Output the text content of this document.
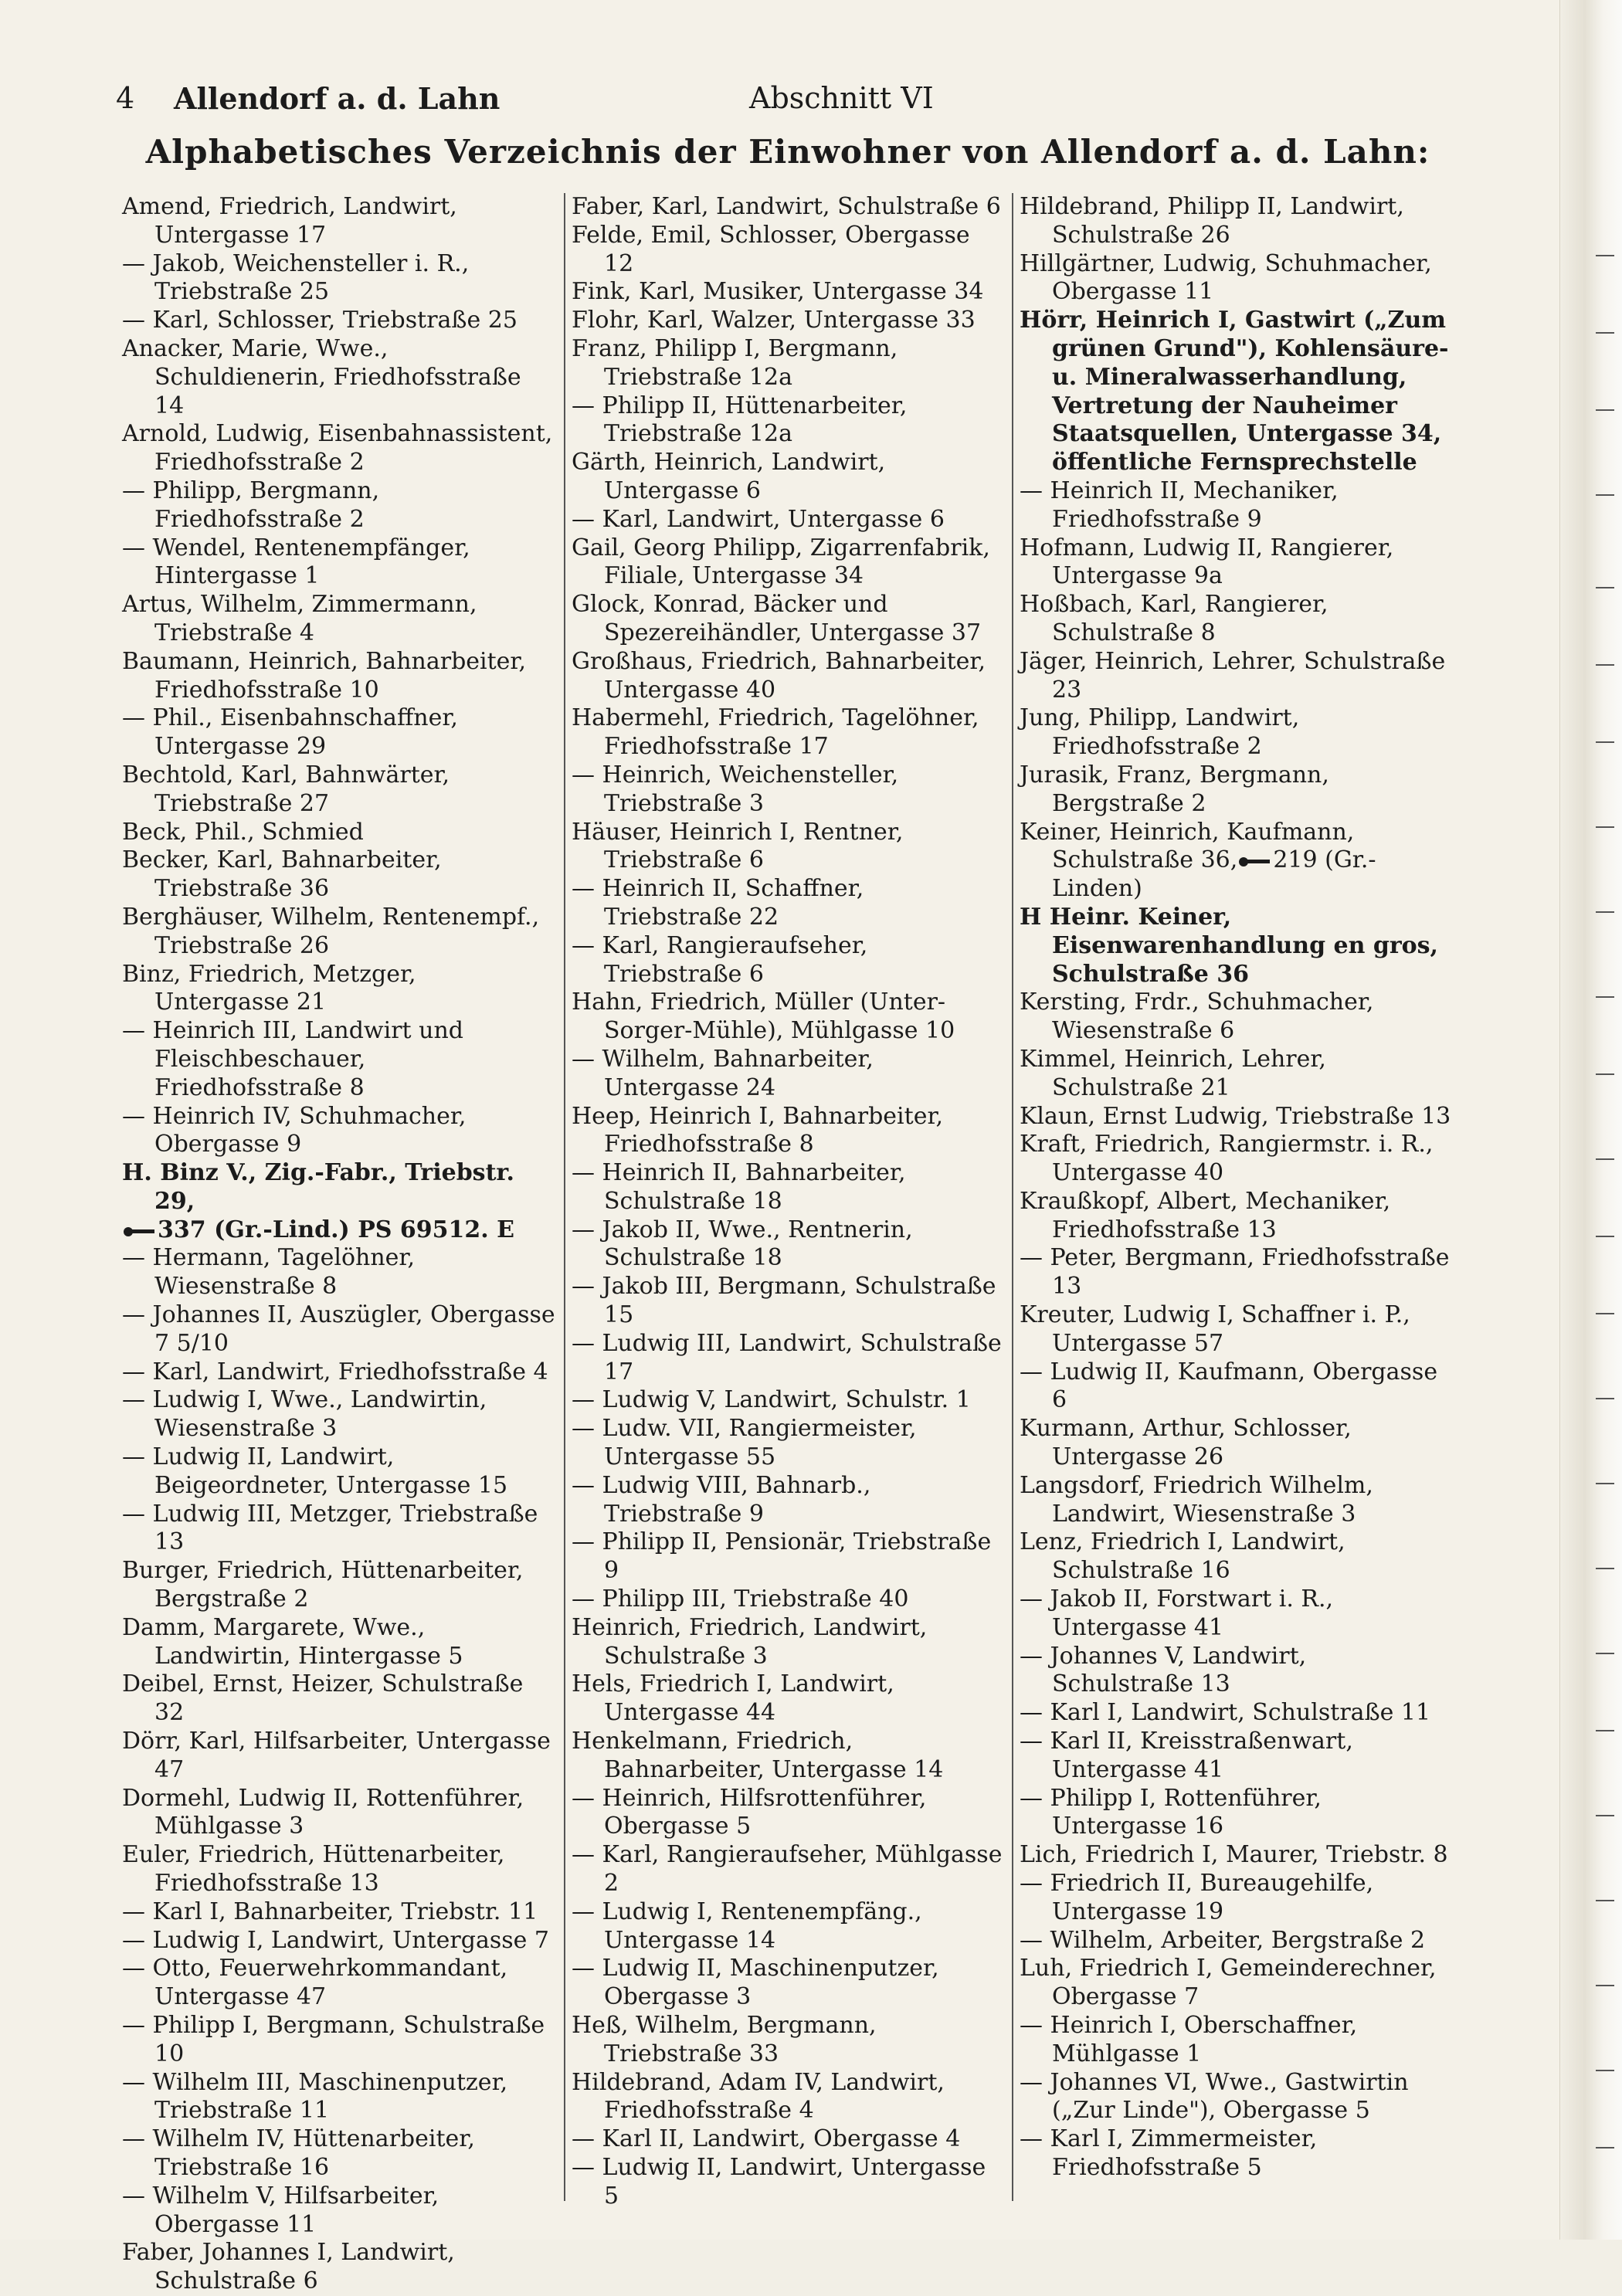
4 Allendorf a. d. Lahn	Abschnitt VI
Alphabetisches Verzeichnis der Einwohner von Allendorf a. d. Lahn:

Amend, Friedrich, Landwirt, Untergasse 17

— Jakob, Weichensteller i. R., Triebstraße 25

— Karl, Schlosser, Triebstraße 25

Anacker, Marie, Wwe., Schuldienerin, Friedhofsstraße 14

Arnold, Ludwig, Eisenbahnassistent, Friedhofsstraße 2

— Philipp, Bergmann, Friedhofsstraße 2

— Wendel, Rentenempfänger, Hintergasse 1

Artus, Wilhelm, Zimmermann, Triebstraße 4

Baumann, Heinrich, Bahnarbeiter, Friedhofsstraße 10

— Phil., Eisenbahnschaffner, Untergasse 29

Bechtold, Karl, Bahnwärter, Triebstraße 27

Beck, Phil., Schmied

Becker, Karl, Bahnarbeiter, Triebstraße 36

Berghäuser, Wilhelm, Rentenempf., Triebstraße 26

Binz, Friedrich, Metzger, Untergasse 21

— Heinrich III, Landwirt und Fleischbeschauer, Friedhofsstraße 8

— Heinrich IV, Schuhmacher, Obergasse 9

H. Binz V., Zig.-Fabr., Triebstr. 29,

337 (Gr.-Lind.) PS 69512. E

— Hermann, Tagelöhner, Wiesenstraße 8

— Johannes II, Auszügler, Obergasse 7 5/10

— Karl, Landwirt, Friedhofsstraße 4

— Ludwig I, Wwe., Landwirtin, Wiesenstraße 3

— Ludwig II, Landwirt, Beigeordneter, Untergasse 15

— Ludwig III, Metzger, Triebstraße 13

Burger, Friedrich, Hüttenarbeiter, Bergstraße 2

Damm, Margarete, Wwe., Landwirtin, Hintergasse 5

Deibel, Ernst, Heizer, Schulstraße 32

Dörr, Karl, Hilfsarbeiter, Untergasse 47

Dormehl, Ludwig II, Rottenführer, Mühlgasse 3

Euler, Friedrich, Hüttenarbeiter, Friedhofsstraße 13

— Karl I, Bahnarbeiter, Triebstr. 11

— Ludwig I, Landwirt, Untergasse 7

— Otto, Feuerwehrkommandant, Untergasse 47

— Philipp I, Bergmann, Schulstraße 10

— Wilhelm III, Maschinenputzer, Triebstraße 11

— Wilhelm IV, Hüttenarbeiter, Triebstraße 16

— Wilhelm V, Hilfsarbeiter, Obergasse 11

Faber, Johannes I, Landwirt, Schulstraße 6

Faber, Karl, Landwirt, Schulstraße 6

Felde, Emil, Schlosser, Obergasse 12

Fink, Karl, Musiker, Untergasse 34

Flohr, Karl, Walzer, Untergasse 33

Franz, Philipp I, Bergmann, Triebstraße 12a

— Philipp II, Hüttenarbeiter, Triebstraße 12a

Gärth, Heinrich, Landwirt, Untergasse 6

— Karl, Landwirt, Untergasse 6

Gail, Georg Philipp, Zigarrenfabrik, Filiale, Untergasse 34

Glock, Konrad, Bäcker und Spezereihändler, Untergasse 37

Großhaus, Friedrich, Bahnarbeiter, Untergasse 40

Habermehl, Friedrich, Tagelöhner, Friedhofsstraße 17

— Heinrich, Weichensteller, Triebstraße 3

Häuser, Heinrich I, Rentner, Triebstraße 6

— Heinrich II, Schaffner, Triebstraße 22

— Karl, Rangieraufseher, Triebstraße 6

Hahn, Friedrich, Müller (Unter-Sorger-Mühle), Mühlgasse 10

— Wilhelm, Bahnarbeiter, Untergasse 24

Heep, Heinrich I, Bahnarbeiter, Friedhofsstraße 8

— Heinrich II, Bahnarbeiter, Schulstraße 18

— Jakob II, Wwe., Rentnerin, Schulstraße 18

— Jakob III, Bergmann, Schulstraße 15

— Ludwig III, Landwirt, Schulstraße 17

— Ludwig V, Landwirt, Schulstr. 1

— Ludw. VII, Rangiermeister, Untergasse 55

— Ludwig VIII, Bahnarb., Triebstraße 9

— Philipp II, Pensionär, Triebstraße 9

— Philipp III, Triebstraße 40

Heinrich, Friedrich, Landwirt, Schulstraße 3

Hels, Friedrich I, Landwirt, Untergasse 44

Henkelmann, Friedrich, Bahnarbeiter, Untergasse 14

— Heinrich, Hilfsrottenführer, Obergasse 5

— Karl, Rangieraufseher, Mühlgasse 2

— Ludwig I, Rentenempfäng., Untergasse 14

— Ludwig II, Maschinenputzer, Obergasse 3

Heß, Wilhelm, Bergmann, Triebstraße 33

Hildebrand, Adam IV, Landwirt, Friedhofsstraße 4

— Karl II, Landwirt, Obergasse 4

— Ludwig II, Landwirt, Untergasse 5

Hildebrand, Philipp II, Landwirt, Schulstraße 26

Hillgärtner, Ludwig, Schuhmacher, Obergasse 11

Hörr, Heinrich I, Gastwirt („Zum grünen Grund"), Kohlensäure- u. Mineralwasserhandlung, Vertretung der Nauheimer Staatsquellen, Untergasse 34, öffentliche Fernsprechstelle

— Heinrich II, Mechaniker, Friedhofsstraße 9

Hofmann, Ludwig II, Rangierer, Untergasse 9a

Hoßbach, Karl, Rangierer, Schulstraße 8

Jäger, Heinrich, Lehrer, Schulstraße 23

Jung, Philipp, Landwirt, Friedhofsstraße 2

Jurasik, Franz, Bergmann, Bergstraße 2

Keiner, Heinrich, Kaufmann, Schulstraße 36, 219 (Gr.-Linden)

H Heinr. Keiner, Eisenwarenhandlung en gros, Schulstraße 36

Kersting, Frdr., Schuhmacher, Wiesenstraße 6

Kimmel, Heinrich, Lehrer, Schulstraße 21

Klaun, Ernst Ludwig, Triebstraße 13

Kraft, Friedrich, Rangiermstr. i. R., Untergasse 40

Kraußkopf, Albert, Mechaniker, Friedhofsstraße 13

— Peter, Bergmann, Friedhofsstraße 13

Kreuter, Ludwig I, Schaffner i. P., Untergasse 57

— Ludwig II, Kaufmann, Obergasse 6

Kurmann, Arthur, Schlosser, Untergasse 26

Langsdorf, Friedrich Wilhelm, Landwirt, Wiesenstraße 3

Lenz, Friedrich I, Landwirt, Schulstraße 16

— Jakob II, Forstwart i. R., Untergasse 41

— Johannes V, Landwirt, Schulstraße 13

— Karl I, Landwirt, Schulstraße 11

— Karl II, Kreisstraßenwart, Untergasse 41

— Philipp I, Rottenführer, Untergasse 16

Lich, Friedrich I, Maurer, Triebstr. 8

— Friedrich II, Bureaugehilfe, Untergasse 19

— Wilhelm, Arbeiter, Bergstraße 2

Luh, Friedrich I, Gemeinderechner, Obergasse 7

— Heinrich I, Oberschaffner, Mühlgasse 1

— Johannes VI, Wwe., Gastwirtin („Zur Linde"), Obergasse 5

— Karl I, Zimmermeister, Friedhofsstraße 5
